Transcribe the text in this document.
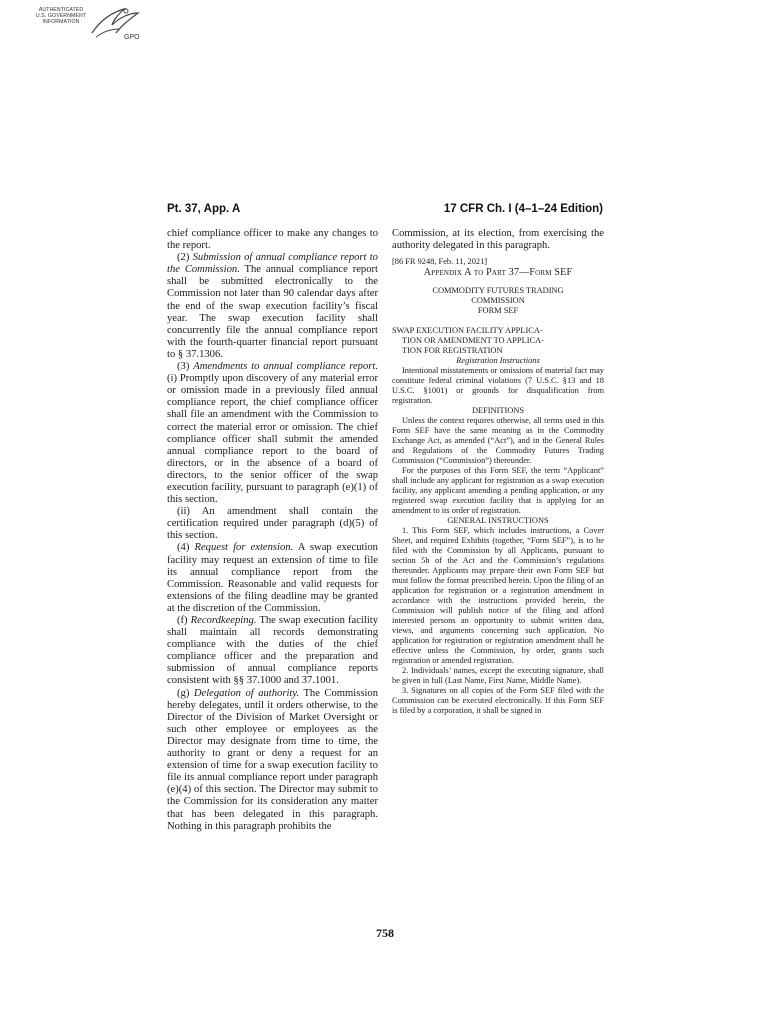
AUTHENTICATED
U.S. GOVERNMENT
INFORMATION
GPO
Pt. 37, App. A	17 CFR Ch. I (4–1–24 Edition)

chief compliance officer to make any changes to the report.

(2) Submission of annual compliance report to the Commission. The annual compliance report shall be submitted electronically to the Commission not later than 90 calendar days after the end of the swap execution facility’s fiscal year. The swap execution facility shall concurrently file the annual compliance report with the fourth-quarter financial report pursuant to § 37.1306.

(3) Amendments to annual compliance report. (i) Promptly upon discovery of any material error or omission made in a previously filed annual compliance report, the chief compliance officer shall file an amendment with the Commission to correct the material error or omission. The chief compliance officer shall submit the amended annual compliance report to the board of directors, or in the absence of a board of directors, to the senior officer of the swap execution facility, pursuant to paragraph (e)(1) of this section.

(ii) An amendment shall contain the certification required under paragraph (d)(5) of this section.

(4) Request for extension. A swap execution facility may request an extension of time to file its annual compliance report from the Commission. Reasonable and valid requests for extensions of the filing deadline may be granted at the discretion of the Commission.

(f) Recordkeeping. The swap execution facility shall maintain all records demonstrating compliance with the duties of the chief compliance officer and the preparation and submission of annual compliance reports consistent with §§ 37.1000 and 37.1001.

(g) Delegation of authority. The Commission hereby delegates, until it orders otherwise, to the Director of the Division of Market Oversight or such other employee or employees as the Director may designate from time to time, the authority to grant or deny a request for an extension of time for a swap execution facility to file its annual compliance report under paragraph (e)(4) of this section. The Director may submit to the Commission for its consideration any matter that has been delegated in this paragraph. Nothing in this paragraph prohibits the

Commission, at its election, from exercising the authority delegated in this paragraph.

[86 FR 9248, Feb. 11, 2021]

Appendix A to Part 37—Form SEF

COMMODITY FUTURES TRADING
COMMISSION

FORM SEF

SWAP EXECUTION FACILITY APPLICA-

TION OR AMENDMENT TO APPLICA-

TION FOR REGISTRATION

Registration Instructions

Intentional misstatements or omissions of material fact may constitute federal criminal violations (7 U.S.C. §13 and 18 U.S.C. §1001) or grounds for disqualification from registration.

DEFINITIONS

Unless the context requires otherwise, all terms used in this Form SEF have the same meaning as in the Commodity Exchange Act, as amended (“Act”), and in the General Rules and Regulations of the Commodity Futures Trading Commission (“Commission”) thereunder.

For the purposes of this Form SEF, the term “Applicant” shall include any applicant for registration as a swap execution facility, any applicant amending a pending application, or any registered swap execution facility that is applying for an amendment to its order of registration.

GENERAL INSTRUCTIONS

1. This Form SEF, which includes instructions, a Cover Sheet, and required Exhibits (together, “Form SEF”), is to be filed with the Commission by all Applicants, pursuant to section 5h of the Act and the Commission’s regulations thereunder. Applicants may prepare their own Form SEF but must follow the format prescribed herein. Upon the filing of an application for registration or a registration amendment in accordance with the instructions provided herein, the Commission will publish notice of the filing and afford interested persons an opportunity to submit written data, views, and arguments concerning such application. No application for registration or registration amendment shall be effective unless the Commission, by order, grants such registration or amended registration.

2. Individuals’ names, except the executing signature, shall be given in full (Last Name, First Name, Middle Name).

3. Signatures on all copies of the Form SEF filed with the Commission can be executed electronically. If this Form SEF is filed by a corporation, it shall be signed in

758
